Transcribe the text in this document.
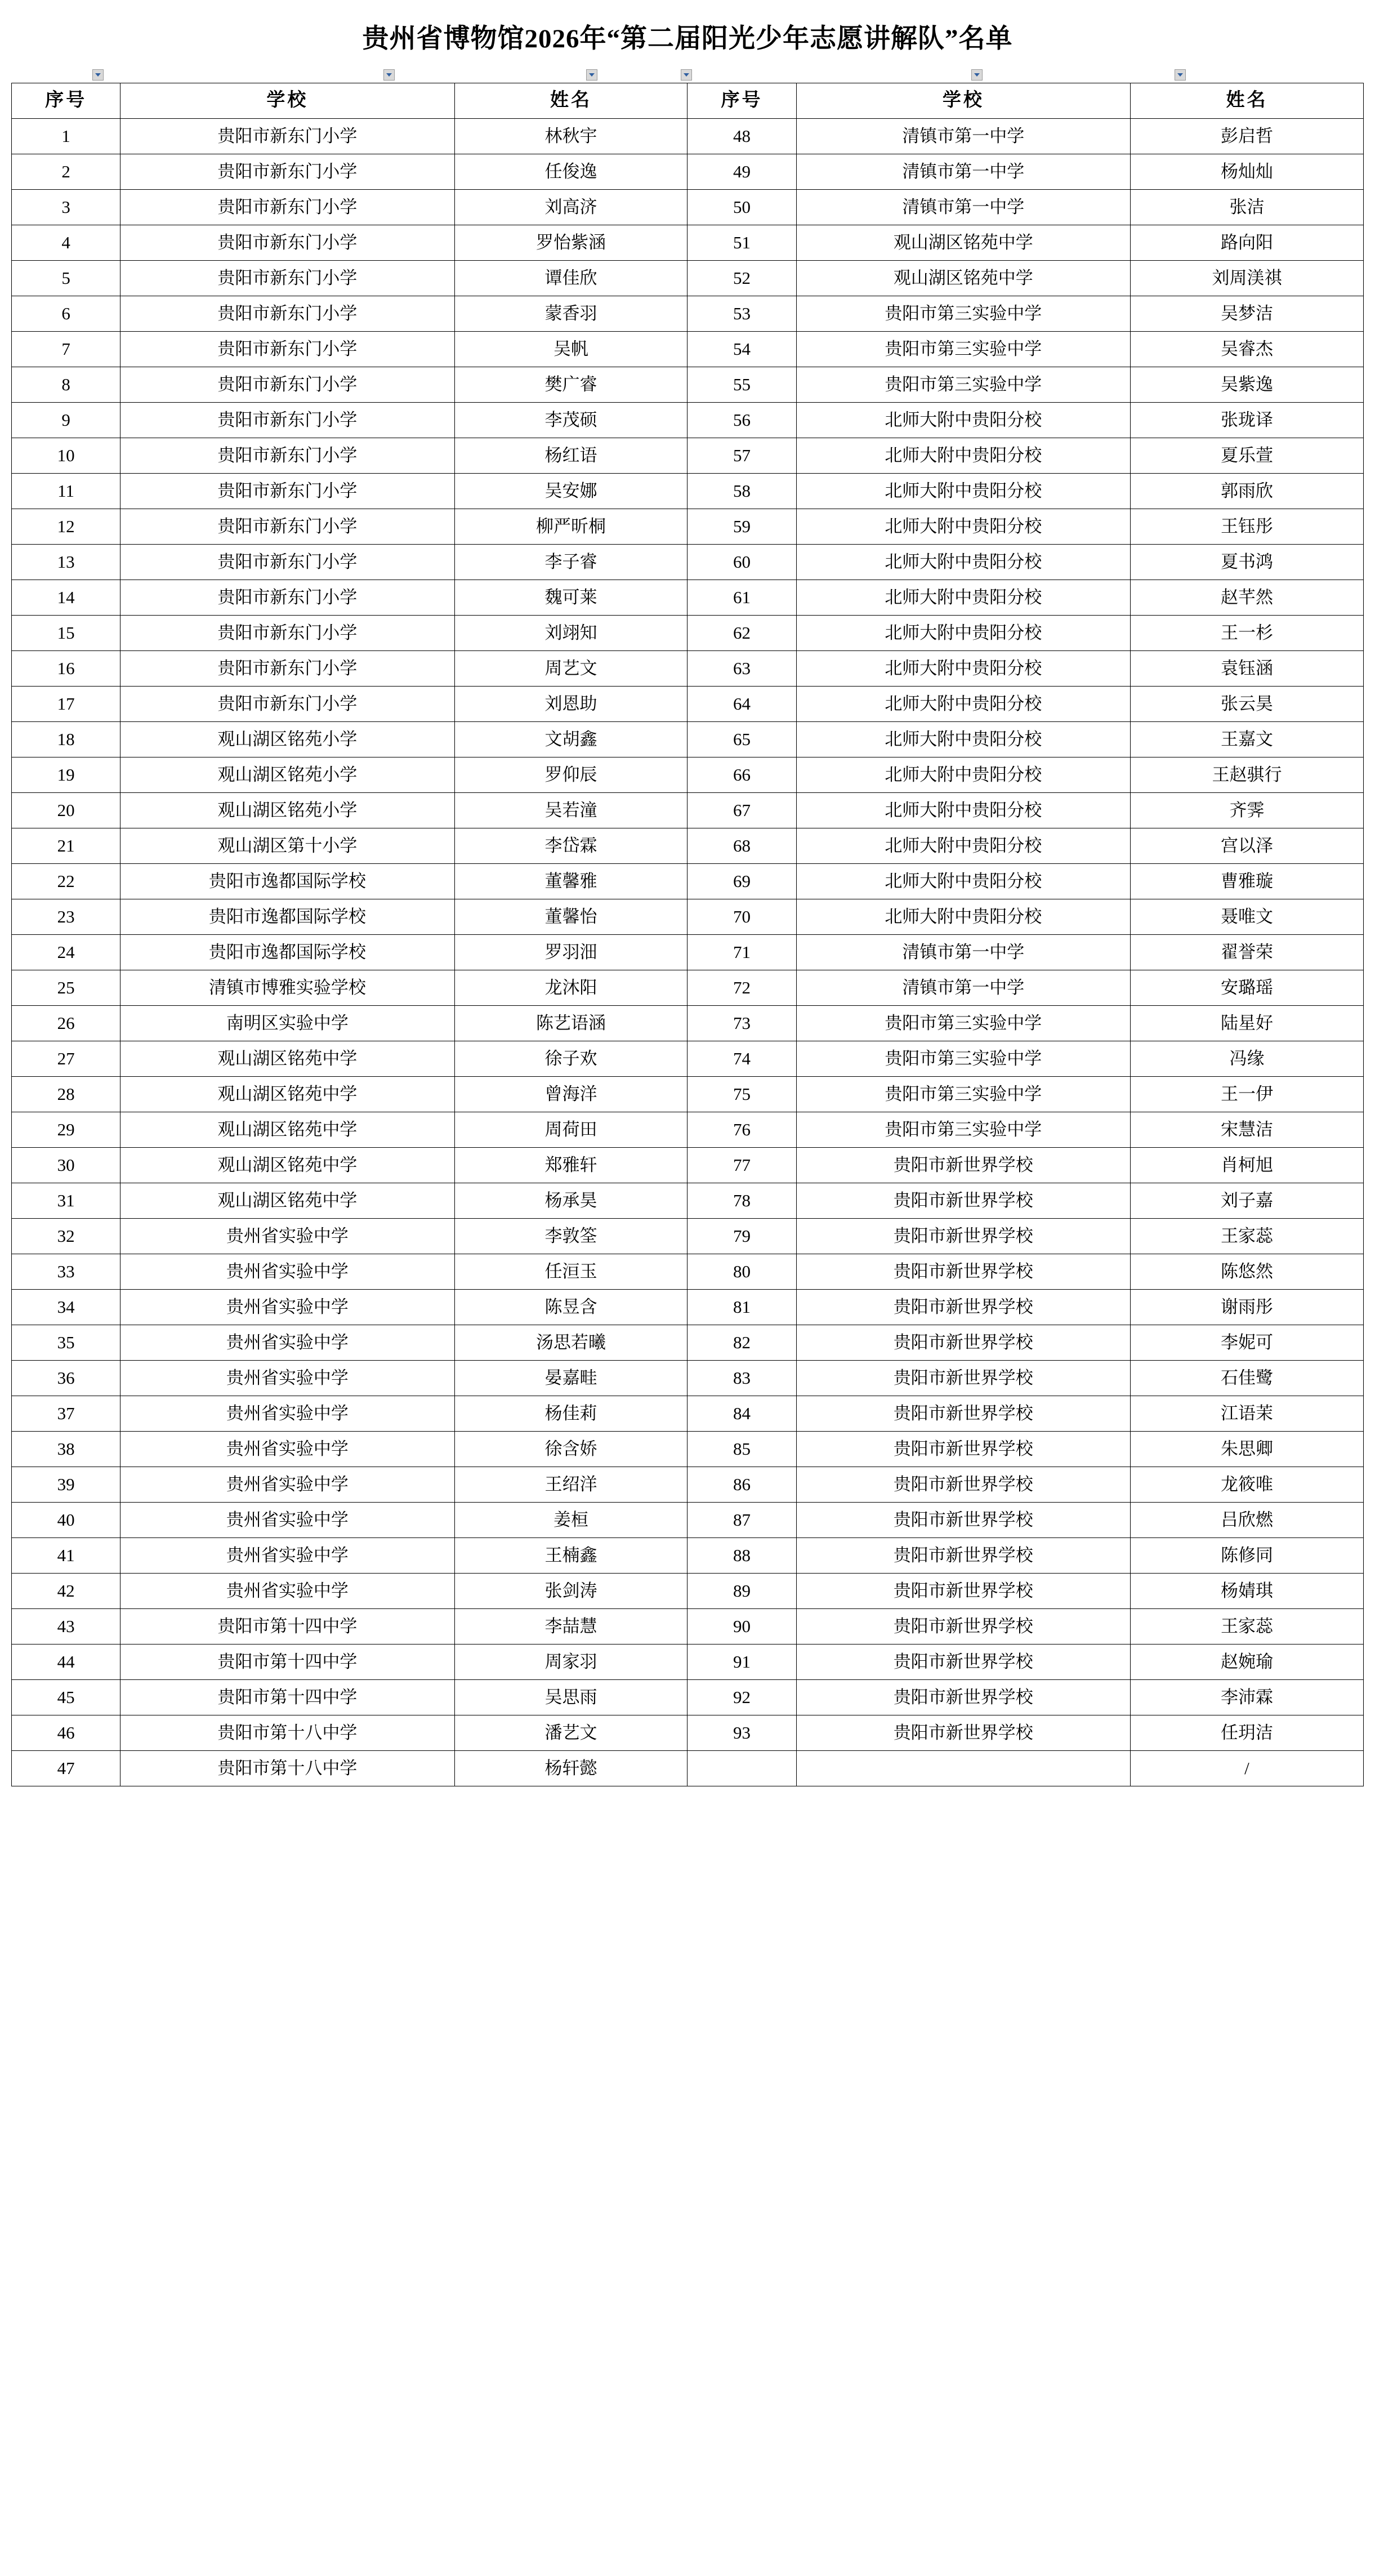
贵州省博物馆2026年“第二届阳光少年志愿讲解队”名单
序号	学校	姓名	序号	学校	姓名
1	贵阳市新东门小学	林秋宇	48	清镇市第一中学	彭启哲
2	贵阳市新东门小学	任俊逸	49	清镇市第一中学	杨灿灿
3	贵阳市新东门小学	刘高济	50	清镇市第一中学	张洁
4	贵阳市新东门小学	罗怡紫涵	51	观山湖区铭苑中学	路向阳
5	贵阳市新东门小学	谭佳欣	52	观山湖区铭苑中学	刘周渼祺
6	贵阳市新东门小学	蒙香羽	53	贵阳市第三实验中学	吴梦洁
7	贵阳市新东门小学	吴帆	54	贵阳市第三实验中学	吴睿杰
8	贵阳市新东门小学	樊广睿	55	贵阳市第三实验中学	吴紫逸
9	贵阳市新东门小学	李茂硕	56	北师大附中贵阳分校	张珑译
10	贵阳市新东门小学	杨红语	57	北师大附中贵阳分校	夏乐萱
11	贵阳市新东门小学	吴安娜	58	北师大附中贵阳分校	郭雨欣
12	贵阳市新东门小学	柳严昕桐	59	北师大附中贵阳分校	王钰彤
13	贵阳市新东门小学	李子睿	60	北师大附中贵阳分校	夏书鸿
14	贵阳市新东门小学	魏可莱	61	北师大附中贵阳分校	赵芊然
15	贵阳市新东门小学	刘翊知	62	北师大附中贵阳分校	王一杉
16	贵阳市新东门小学	周艺文	63	北师大附中贵阳分校	袁钰涵
17	贵阳市新东门小学	刘恩助	64	北师大附中贵阳分校	张云昊
18	观山湖区铭苑小学	文胡鑫	65	北师大附中贵阳分校	王嘉文
19	观山湖区铭苑小学	罗仰辰	66	北师大附中贵阳分校	王赵骐行
20	观山湖区铭苑小学	吴若潼	67	北师大附中贵阳分校	齐霁
21	观山湖区第十小学	李岱霖	68	北师大附中贵阳分校	宫以泽
22	贵阳市逸都国际学校	董馨雅	69	北师大附中贵阳分校	曹雅璇
23	贵阳市逸都国际学校	董馨怡	70	北师大附中贵阳分校	聂唯文
24	贵阳市逸都国际学校	罗羽沺	71	清镇市第一中学	翟誉荣
25	清镇市博雅实验学校	龙沐阳	72	清镇市第一中学	安璐瑶
26	南明区实验中学	陈艺语涵	73	贵阳市第三实验中学	陆星好
27	观山湖区铭苑中学	徐子欢	74	贵阳市第三实验中学	冯缘
28	观山湖区铭苑中学	曾海洋	75	贵阳市第三实验中学	王一伊
29	观山湖区铭苑中学	周荷田	76	贵阳市第三实验中学	宋慧洁
30	观山湖区铭苑中学	郑雅轩	77	贵阳市新世界学校	肖柯旭
31	观山湖区铭苑中学	杨承昊	78	贵阳市新世界学校	刘子嘉
32	贵州省实验中学	李敦筌	79	贵阳市新世界学校	王家蕊
33	贵州省实验中学	任洹玉	80	贵阳市新世界学校	陈悠然
34	贵州省实验中学	陈昱含	81	贵阳市新世界学校	谢雨彤
35	贵州省实验中学	汤思若曦	82	贵阳市新世界学校	李妮可
36	贵州省实验中学	晏嘉畦	83	贵阳市新世界学校	石佳鹭
37	贵州省实验中学	杨佳莉	84	贵阳市新世界学校	江语茉
38	贵州省实验中学	徐含娇	85	贵阳市新世界学校	朱思卿
39	贵州省实验中学	王绍洋	86	贵阳市新世界学校	龙筱唯
40	贵州省实验中学	姜桓	87	贵阳市新世界学校	吕欣燃
41	贵州省实验中学	王楠鑫	88	贵阳市新世界学校	陈修同
42	贵州省实验中学	张剑涛	89	贵阳市新世界学校	杨婧琪
43	贵阳市第十四中学	李喆慧	90	贵阳市新世界学校	王家蕊
44	贵阳市第十四中学	周家羽	91	贵阳市新世界学校	赵婉瑜
45	贵阳市第十四中学	吴思雨	92	贵阳市新世界学校	李沛霖
46	贵阳市第十八中学	潘艺文	93	贵阳市新世界学校	任玥洁
47	贵阳市第十八中学	杨轩懿			/
